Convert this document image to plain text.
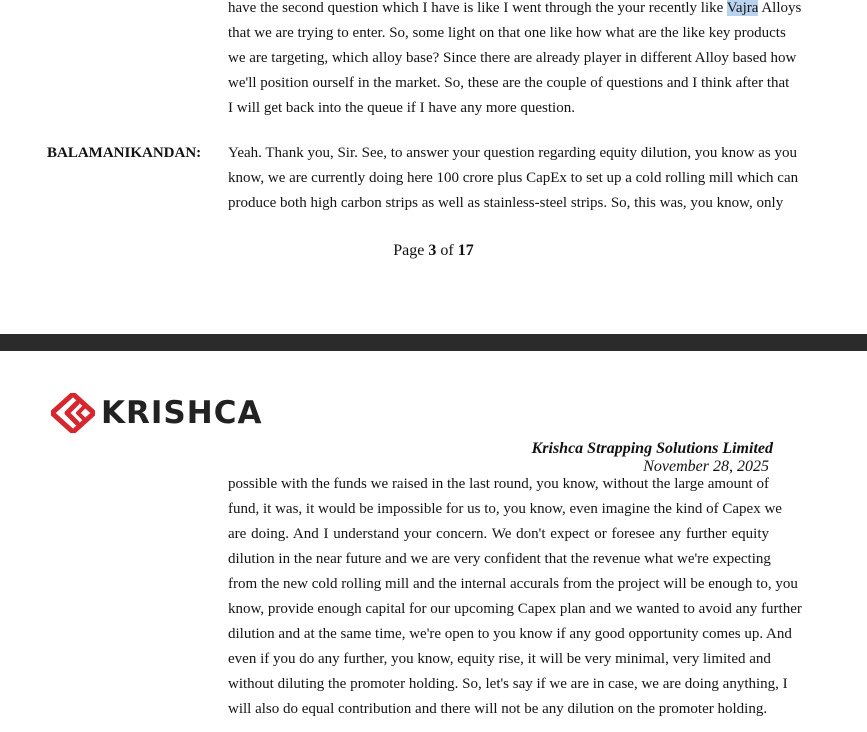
have the second question which I have is like I went through the your recently like Vajra Alloys
that we are trying to enter. So, some light on that one like how what are the like key products
we are targeting, which alloy base? Since there are already player in different Alloy based how
we'll position ourself in the market. So, these are the couple of questions and I think after that
I will get back into the queue if I have any more question.
BALAMANIKANDAN: Yeah. Thank you, Sir. See, to answer your question regarding equity dilution, you know as you
know, we are currently doing here 100 crore plus CapEx to set up a cold rolling mill which can
produce both high carbon strips as well as stainless-steel strips. So, this was, you know, only
Page 3 of 17
KRISHCA
Krishca Strapping Solutions Limited
November 28, 2025
possible with the funds we raised in the last round, you know, without the large amount of
fund, it was, it would be impossible for us to, you know, even imagine the kind of Capex we
are doing. And I understand your concern. We don't expect or foresee any further equity
dilution in the near future and we are very confident that the revenue what we're expecting
from the new cold rolling mill and the internal accurals from the project will be enough to, you
know, provide enough capital for our upcoming Capex plan and we wanted to avoid any further
dilution and at the same time, we're open to you know if any good opportunity comes up. And
even if you do any further, you know, equity rise, it will be very minimal, very limited and
without diluting the promoter holding. So, let's say if we are in case, we are doing anything, I
will also do equal contribution and there will not be any dilution on the promoter holding.
